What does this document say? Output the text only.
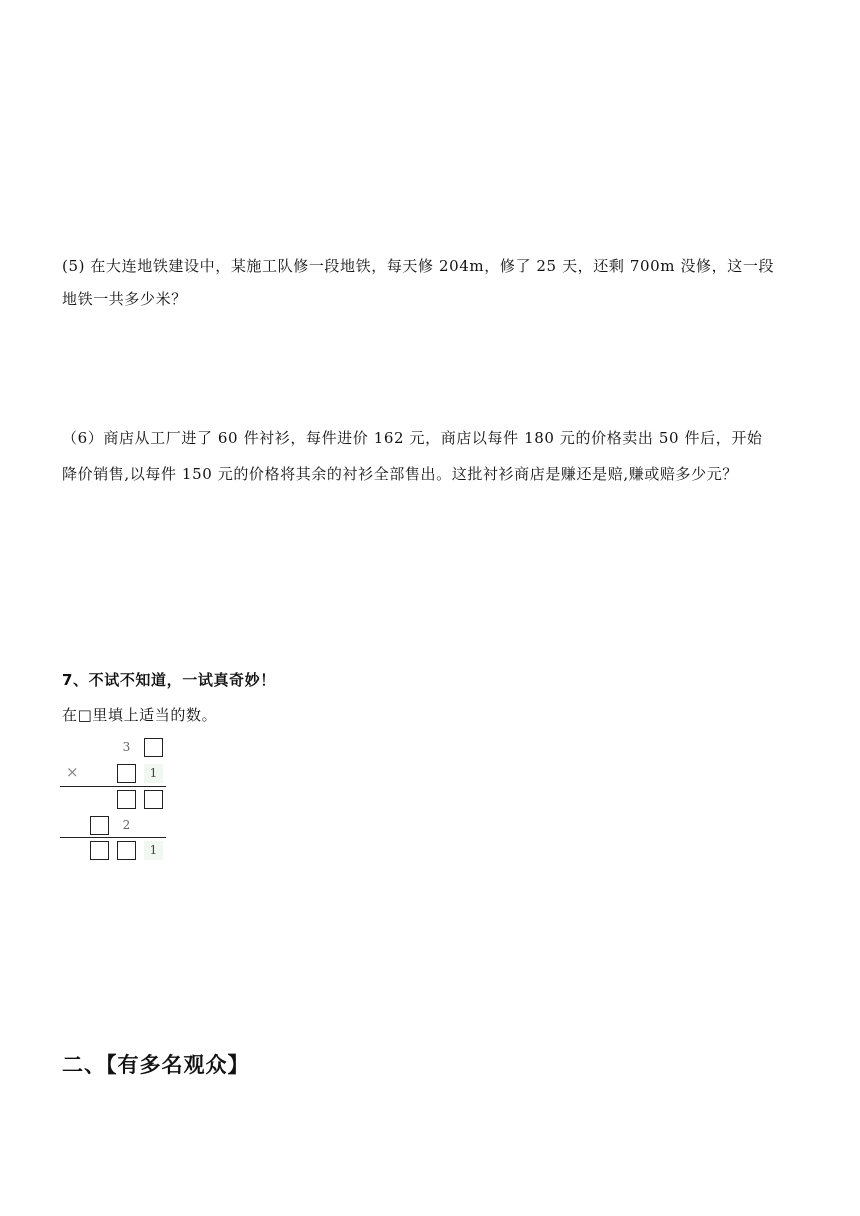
(5) 在大连地铁建设中，某施工队修一段地铁，每天修 204m，修了 25 天，还剩 700m 没修，这一段
地铁一共多少米？
（6）商店从工厂进了 60 件衬衫，每件进价 162 元，商店以每件 180 元的价格卖出 50 件后，开始
降价销售,以每件 150 元的价格将其余的衬衫全部售出。这批衬衫商店是赚还是赔,赚或赔多少元？
7、不试不知道，一试真奇妙！
在□里填上适当的数。
3
×	1
2
1
二、【有多名观众】
